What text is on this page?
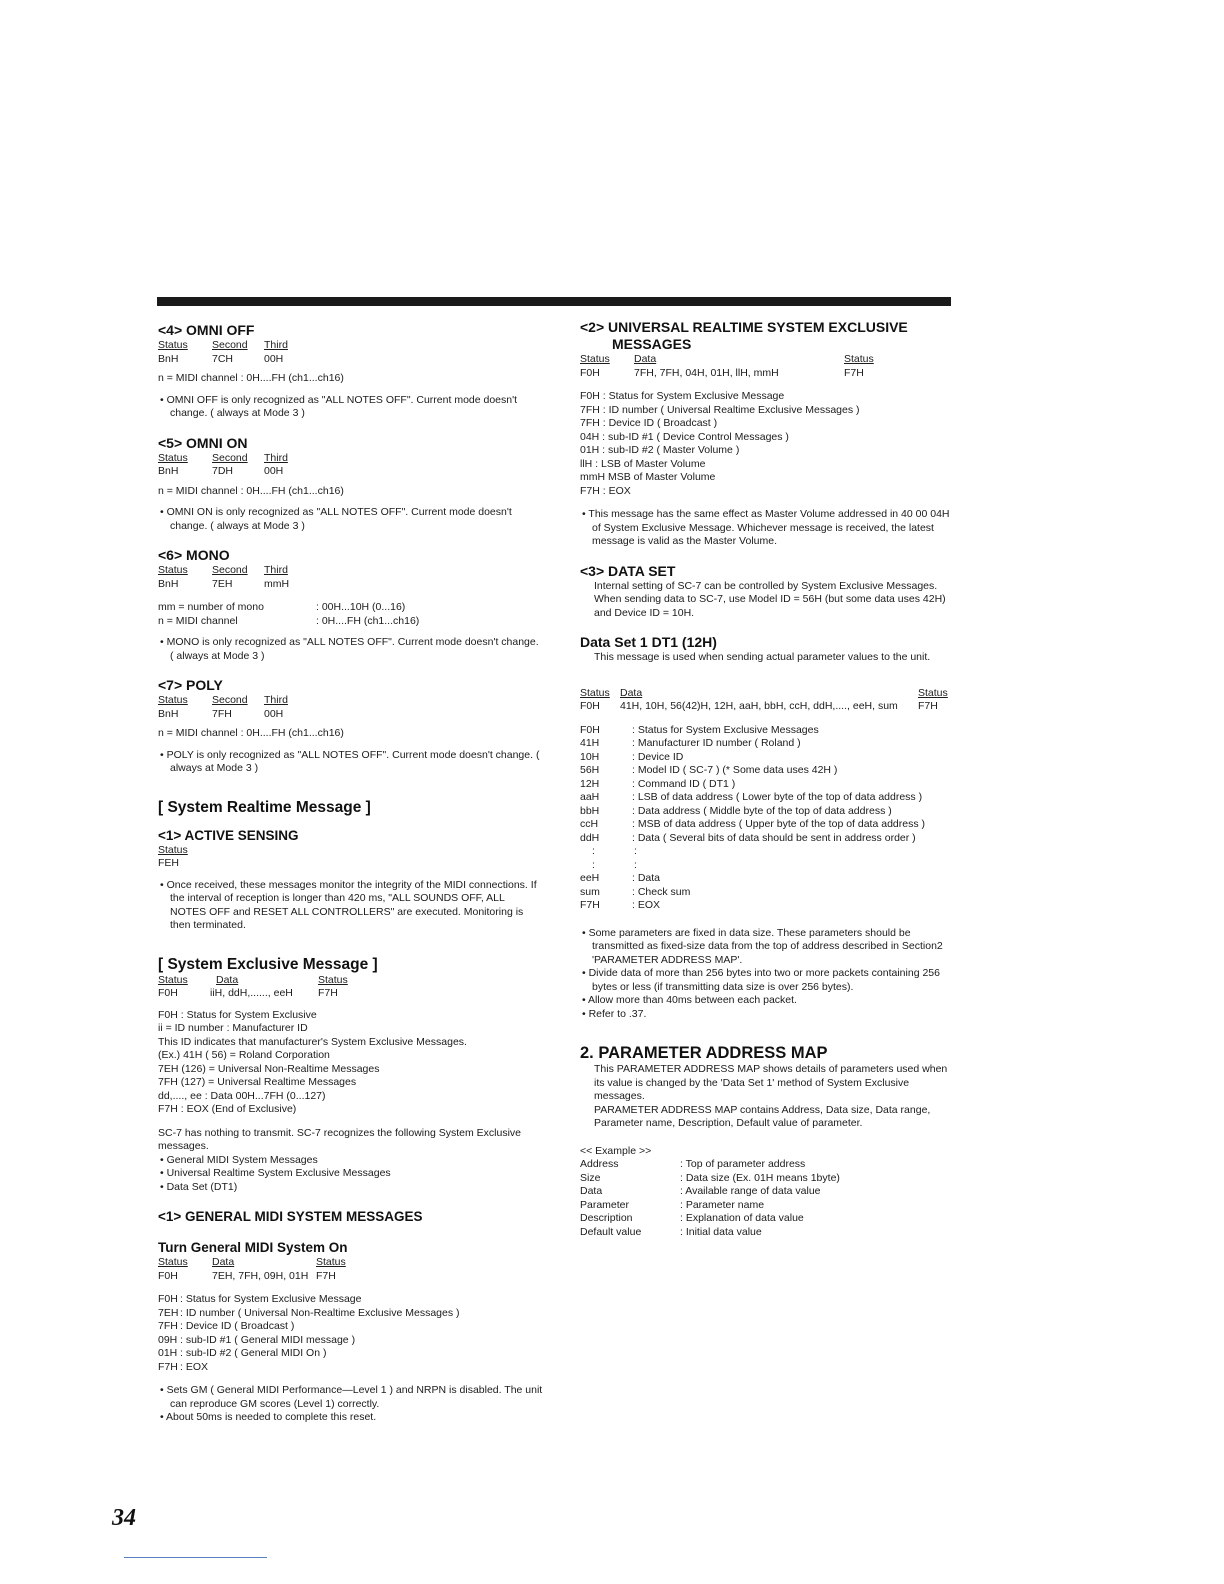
<4> OMNI OFF
Status	Second	Third
BnH	7CH	00H

n = MIDI channel : 0H....FH (ch1...ch16)

• OMNI OFF is only recognized as "ALL NOTES OFF". Current mode doesn't change. ( always at Mode 3 )

<5> OMNI ON
Status	Second	Third
BnH	7DH	00H

n = MIDI channel : 0H....FH (ch1...ch16)

• OMNI ON is only recognized as "ALL NOTES OFF". Current mode doesn't change. ( always at Mode 3 )

<6> MONO
Status	Second	Third
BnH	7EH	mmH
mm = number of mono	: 00H...10H (0...16)
n = MIDI channel	: 0H....FH (ch1...ch16)

• MONO is only recognized as "ALL NOTES OFF". Current mode doesn't change. ( always at Mode 3 )

<7> POLY
Status	Second	Third
BnH	7FH	00H

n = MIDI channel : 0H....FH (ch1...ch16)

• POLY is only recognized as "ALL NOTES OFF". Current mode doesn't change. ( always at Mode 3 )

[ System Realtime Message ]
<1> ACTIVE SENSING
Status
FEH

• Once received, these messages monitor the integrity of the MIDI connections. If the interval of reception is longer than 420 ms, "ALL SOUNDS OFF, ALL NOTES OFF and RESET ALL CONTROLLERS" are executed. Monitoring is then terminated.

[ System Exclusive Message ]
Status	Data	Status
F0H	iiH, ddH,......, eeH	F7H

F0H : Status for System Exclusive

ii = ID number : Manufacturer ID

This ID indicates that manufacturer's System Exclusive Messages.

(Ex.) 41H ( 56) = Roland Corporation

7EH (126) = Universal Non-Realtime Messages

7FH (127) = Universal Realtime Messages

dd,...., ee : Data 00H...7FH (0...127)

F7H : EOX (End of Exclusive)

SC-7 has nothing to transmit. SC-7 recognizes the following System Exclusive messages.

• General MIDI System Messages

• Universal Realtime System Exclusive Messages

• Data Set (DT1)

<1> GENERAL MIDI SYSTEM MESSAGES
Turn General MIDI System On
Status	Data	Status
F0H	7EH, 7FH, 09H, 01H F7H
F0H : Status for System Exclusive Message
7EH : ID number ( Universal Non-Realtime Exclusive Messages )
7FH : Device ID ( Broadcast )
09H : sub-ID #1 ( General MIDI message )
01H : sub-ID #2 ( General MIDI On )
F7H : EOX

• Sets GM ( General MIDI Performance—Level 1 ) and NRPN is disabled. The unit can reproduce GM scores (Level 1) correctly.

• About 50ms is needed to complete this reset.

<2> UNIVERSAL REALTIME SYSTEM EXCLUSIVE
MESSAGES
Status	Data	Status
F0H	7FH, 7FH, 04H, 01H, llH, mmH	F7H

F0H : Status for System Exclusive Message

7FH : ID number ( Universal Realtime Exclusive Messages )

7FH : Device ID ( Broadcast )

04H : sub-ID #1 ( Device Control Messages )

01H : sub-ID #2 ( Master Volume )

llH : LSB of Master Volume

mmH MSB of Master Volume

F7H : EOX

• This message has the same effect as Master Volume addressed in 40 00 04H of System Exclusive Message. Whichever message is received, the latest message is valid as the Master Volume.

<3> DATA SET

Internal setting of SC-7 can be controlled by System Exclusive Messages. When sending data to SC-7, use Model ID = 56H (but some data uses 42H) and Device ID = 10H.

Data Set 1 DT1 (12H)

This message is used when sending actual parameter values to the unit.

Status Data	Status
F0H	41H, 10H, 56(42)H, 12H, aaH, bbH, ccH, ddH,...., eeH, sum	F7H
F0H	: Status for System Exclusive Messages
41H	: Manufacturer ID number ( Roland )
10H	: Device ID
56H	: Model ID ( SC-7 ) (* Some data uses 42H )
12H	: Command ID ( DT1 )
aaH	: LSB of data address ( Lower byte of the top of data address )
bbH	: Data address ( Middle byte of the top of data address )
ccH	: MSB of data address ( Upper byte of the top of data address )
ddH	: Data ( Several bits of data should be sent in address order )
:	:
:	:
eeH	: Data
sum	: Check sum
F7H	: EOX

• Some parameters are fixed in data size. These parameters should be transmitted as fixed-size data from the top of address described in Section2 'PARAMETER ADDRESS MAP'.

• Divide data of more than 256 bytes into two or more packets containing 256 bytes or less (if transmitting data size is over 256 bytes).

• Allow more than 40ms between each packet.

• Refer to .37.

2. PARAMETER ADDRESS MAP

This PARAMETER ADDRESS MAP shows details of parameters used when its value is changed by the 'Data Set 1' method of System Exclusive messages.

PARAMETER ADDRESS MAP contains Address, Data size, Data range, Parameter name, Description, Default value of parameter.

<< Example >>

Address	: Top of parameter address
Size	: Data size (Ex. 01H means 1byte)
Data	: Available range of data value
Parameter	: Parameter name
Description	: Explanation of data value
Default value	: Initial data value
34
